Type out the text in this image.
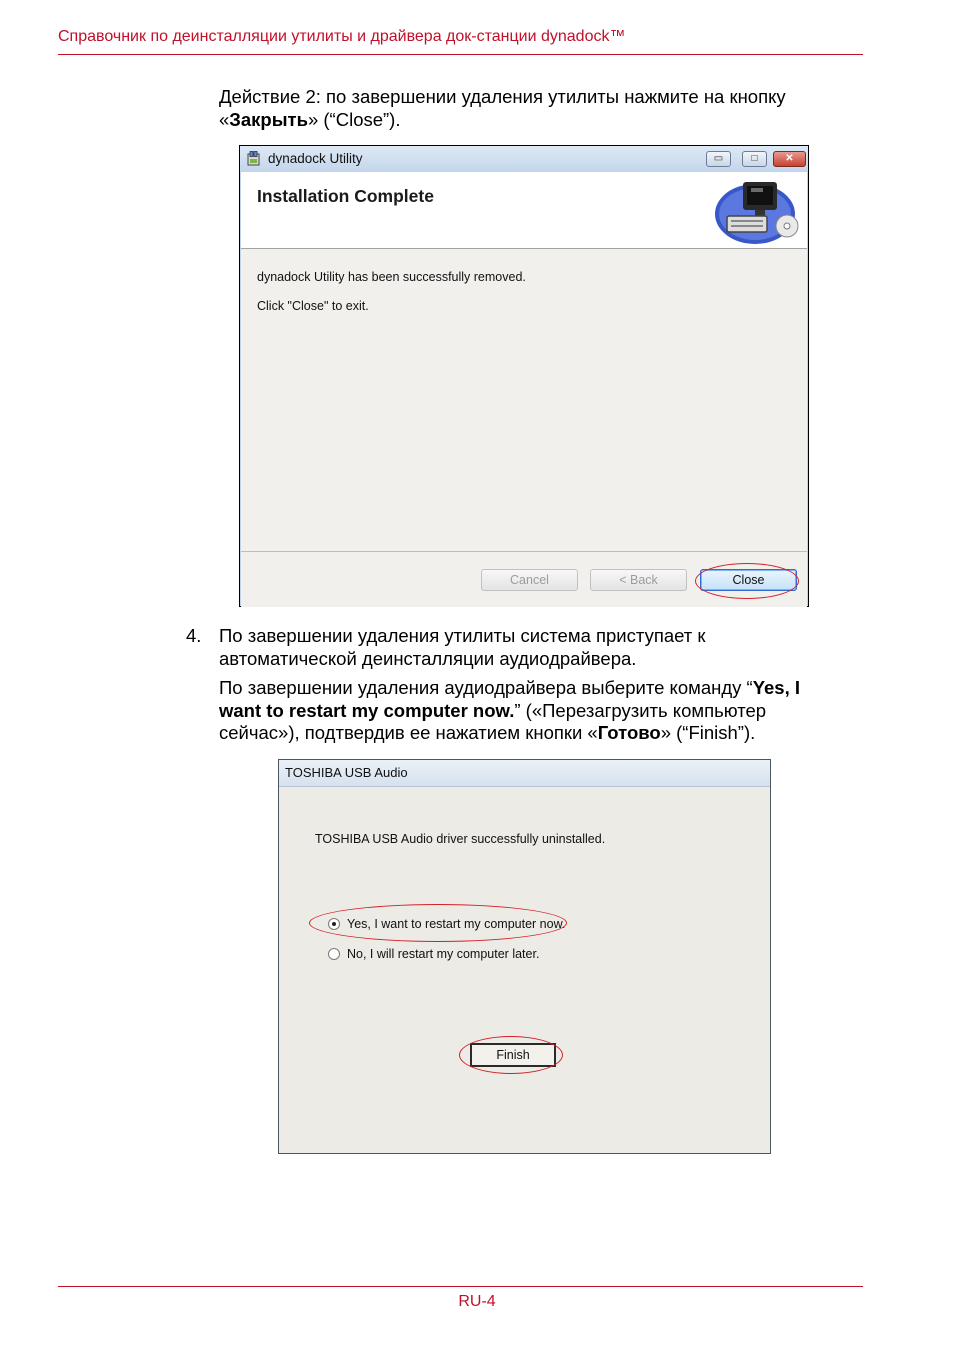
Справочник по деинсталляции утилиты и драйвера док-станции dynadock™
Действие 2: по завершении удаления утилиты нажмите на кнопку
«Закрыть» (“Close”).
dynadock Utility	▭	□	✕
Installation Complete
dynadock Utility has been successfully removed.
Click "Close" to exit.
Cancel	< Back	Close
4. По завершении удаления утилиты система приступает к
автоматической деинсталляции аудиодрайвера.
По завершении удаления аудиодрайвера выберите команду “Yes, I
want to restart my computer now.” («Перезагрузить компьютер
сейчас»), подтвердив ее нажатием кнопки «Готово» (“Finish”).
TOSHIBA USB Audio
TOSHIBA USB Audio driver successfully uninstalled.
Yes, I want to restart my computer now.
No, I will restart my computer later.
Finish
RU-4
